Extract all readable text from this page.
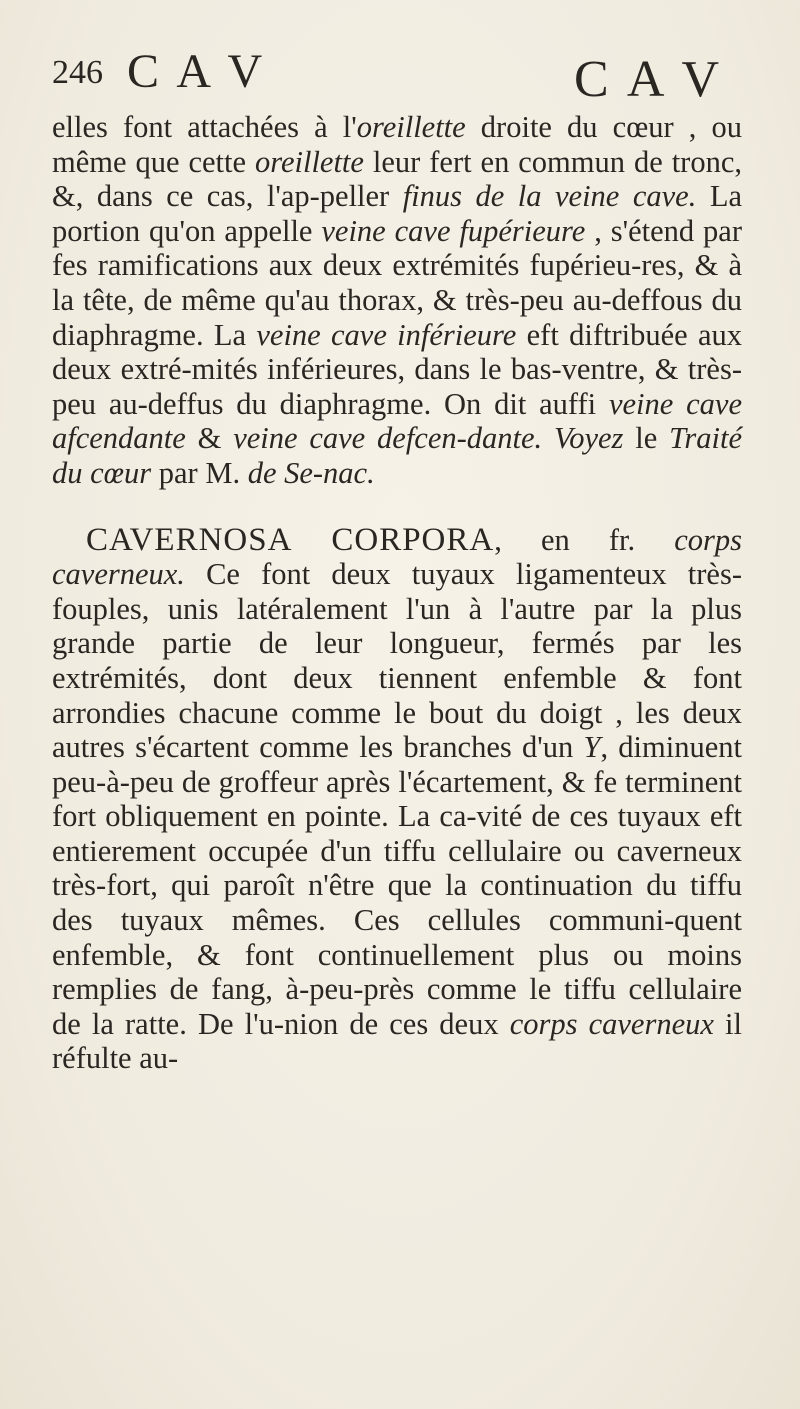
246 C A V	C A V

elles font attachées à l'oreillette droite du cœur , ou même que cette oreillette leur fert en commun de tronc, &, dans ce cas, l'ap-peller finus de la veine cave. La portion qu'on appelle veine cave fupérieure , s'étend par fes ramifications aux deux extrémités fupérieu-res, & à la tête, de même qu'au thorax, & très-peu au-deffous du diaphragme. La veine cave inférieure eft diftribuée aux deux extré-mités inférieures, dans le bas-ventre, & très-peu au-deffus du diaphragme. On dit auffi veine cave afcendante & veine cave defcen-dante. Voyez le Traité du cœur par M. de Se-nac.

CAVERNOSA CORPORA, en fr. corps caverneux. Ce font deux tuyaux ligamenteux très-fouples, unis latéralement l'un à l'autre par la plus grande partie de leur longueur, fermés par les extrémités, dont deux tiennent enfemble & font arrondies chacune comme le bout du doigt , les deux autres s'écartent comme les branches d'un Y, diminuent peu-à-peu de groffeur après l'écartement, & fe terminent fort obliquement en pointe. La ca-vité de ces tuyaux eft entierement occupée d'un tiffu cellulaire ou caverneux très-fort, qui paroît n'être que la continuation du tiffu des tuyaux mêmes. Ces cellules communi-quent enfemble, & font continuellement plus ou moins remplies de fang, à-peu-près comme le tiffu cellulaire de la ratte. De l'u-nion de ces deux corps caverneux il réfulte au-
